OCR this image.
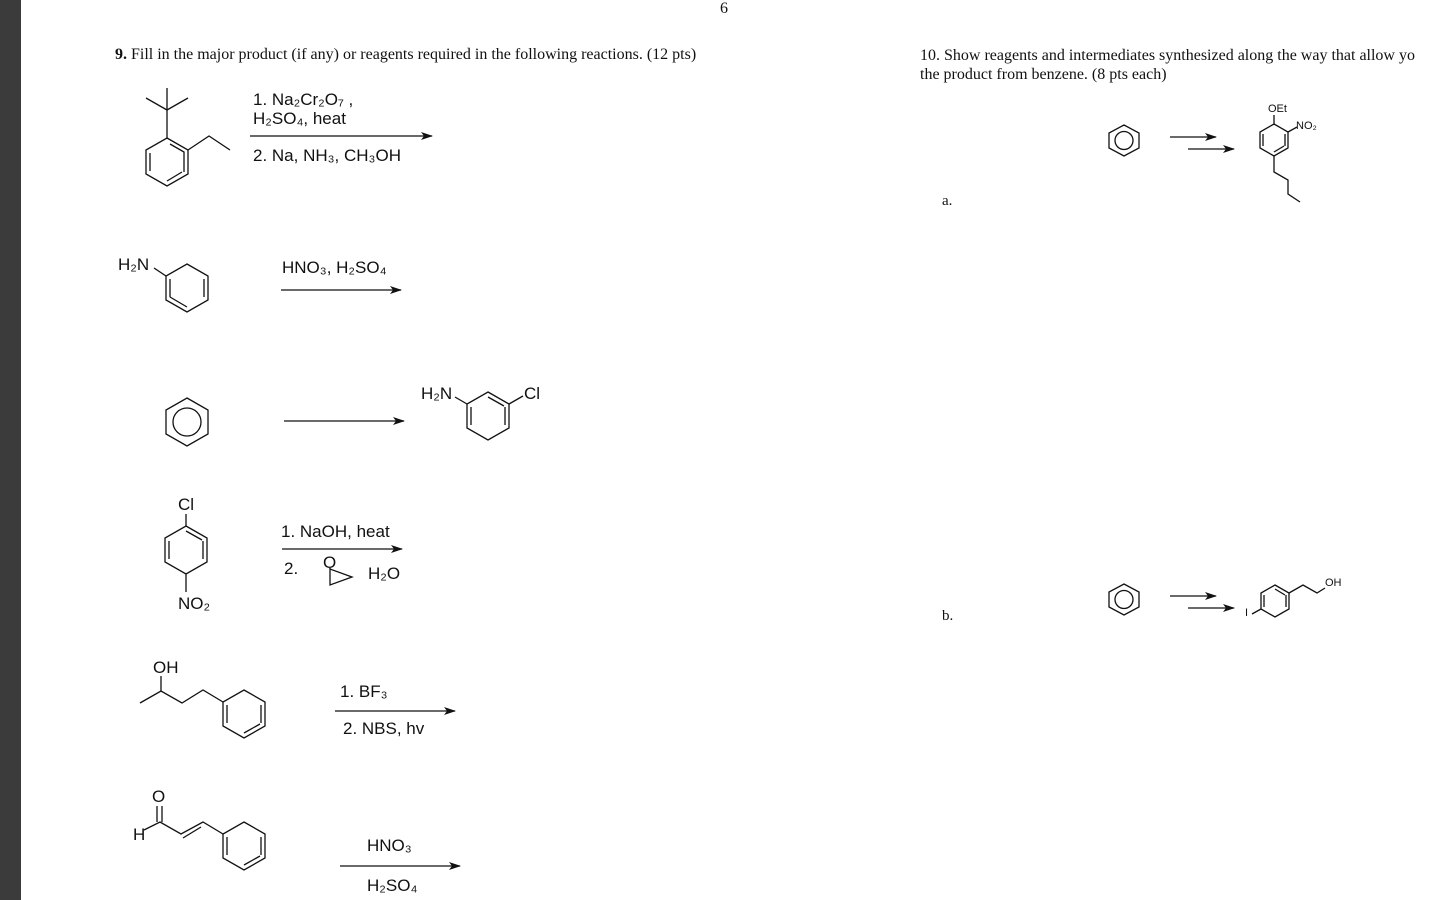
6
9. Fill in the major product (if any) or reagents required in the following reactions. (12 pts)	10. Show reagents and intermediates synthesized along the way that allow yo
the product from benzene. (8 pts each)
1. Na₂Cr₂O₇ ,
H₂SO₄, heat
2. Na, NH₃, CH₃OH
H₂N	HNO₃, H₂SO₄
H₂N	Cl
Cl
NO₂
1. NaOH, heat
2. O
H₂O
OH
1. BF₃
2. NBS, hv
O
H
HNO₃
H₂SO₄
a.
OEt
NO₂
b.
OH
I
